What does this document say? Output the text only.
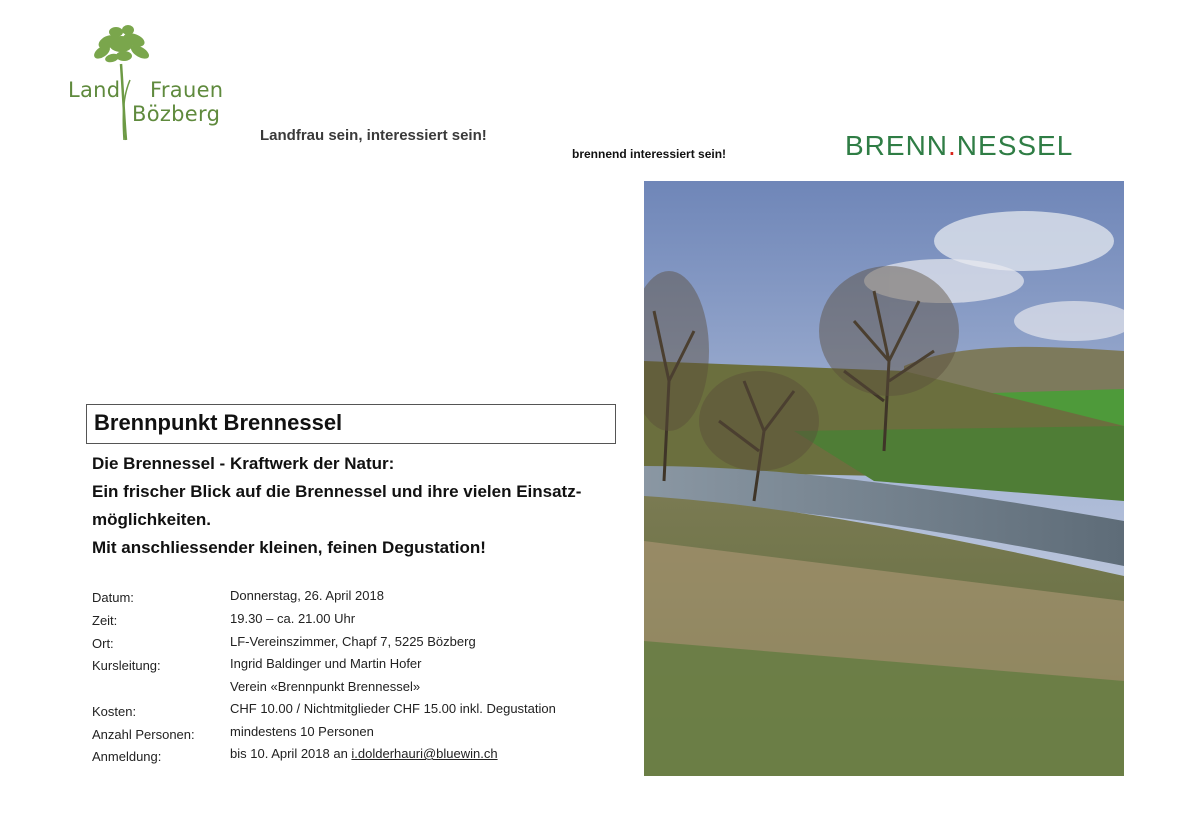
Land Frauen
Bözberg
Landfrau sein, interessiert sein!
brennend interessiert sein!	BRENN.NESSEL
Brennpunkt Brennessel
Die Brennessel - Kraftwerk der Natur:
Ein frischer Blick auf die Brennessel und ihre vielen Einsatz-
möglichkeiten.
Mit anschliessender kleinen, feinen Degustation!
Datum:	Donnerstag, 26. April 2018
Zeit:	19.30 – ca. 21.00 Uhr
Ort:	LF-Vereinszimmer, Chapf 7, 5225 Bözberg
Kursleitung:	Ingrid Baldinger und Martin Hofer
Verein «Brennpunkt Brennessel»
Kosten:	CHF 10.00 / Nichtmitglieder CHF 15.00 inkl. Degustation
Anzahl Personen:	mindestens 10 Personen
Anmeldung:	bis 10. April 2018 an i.dolderhauri@bluewin.ch
